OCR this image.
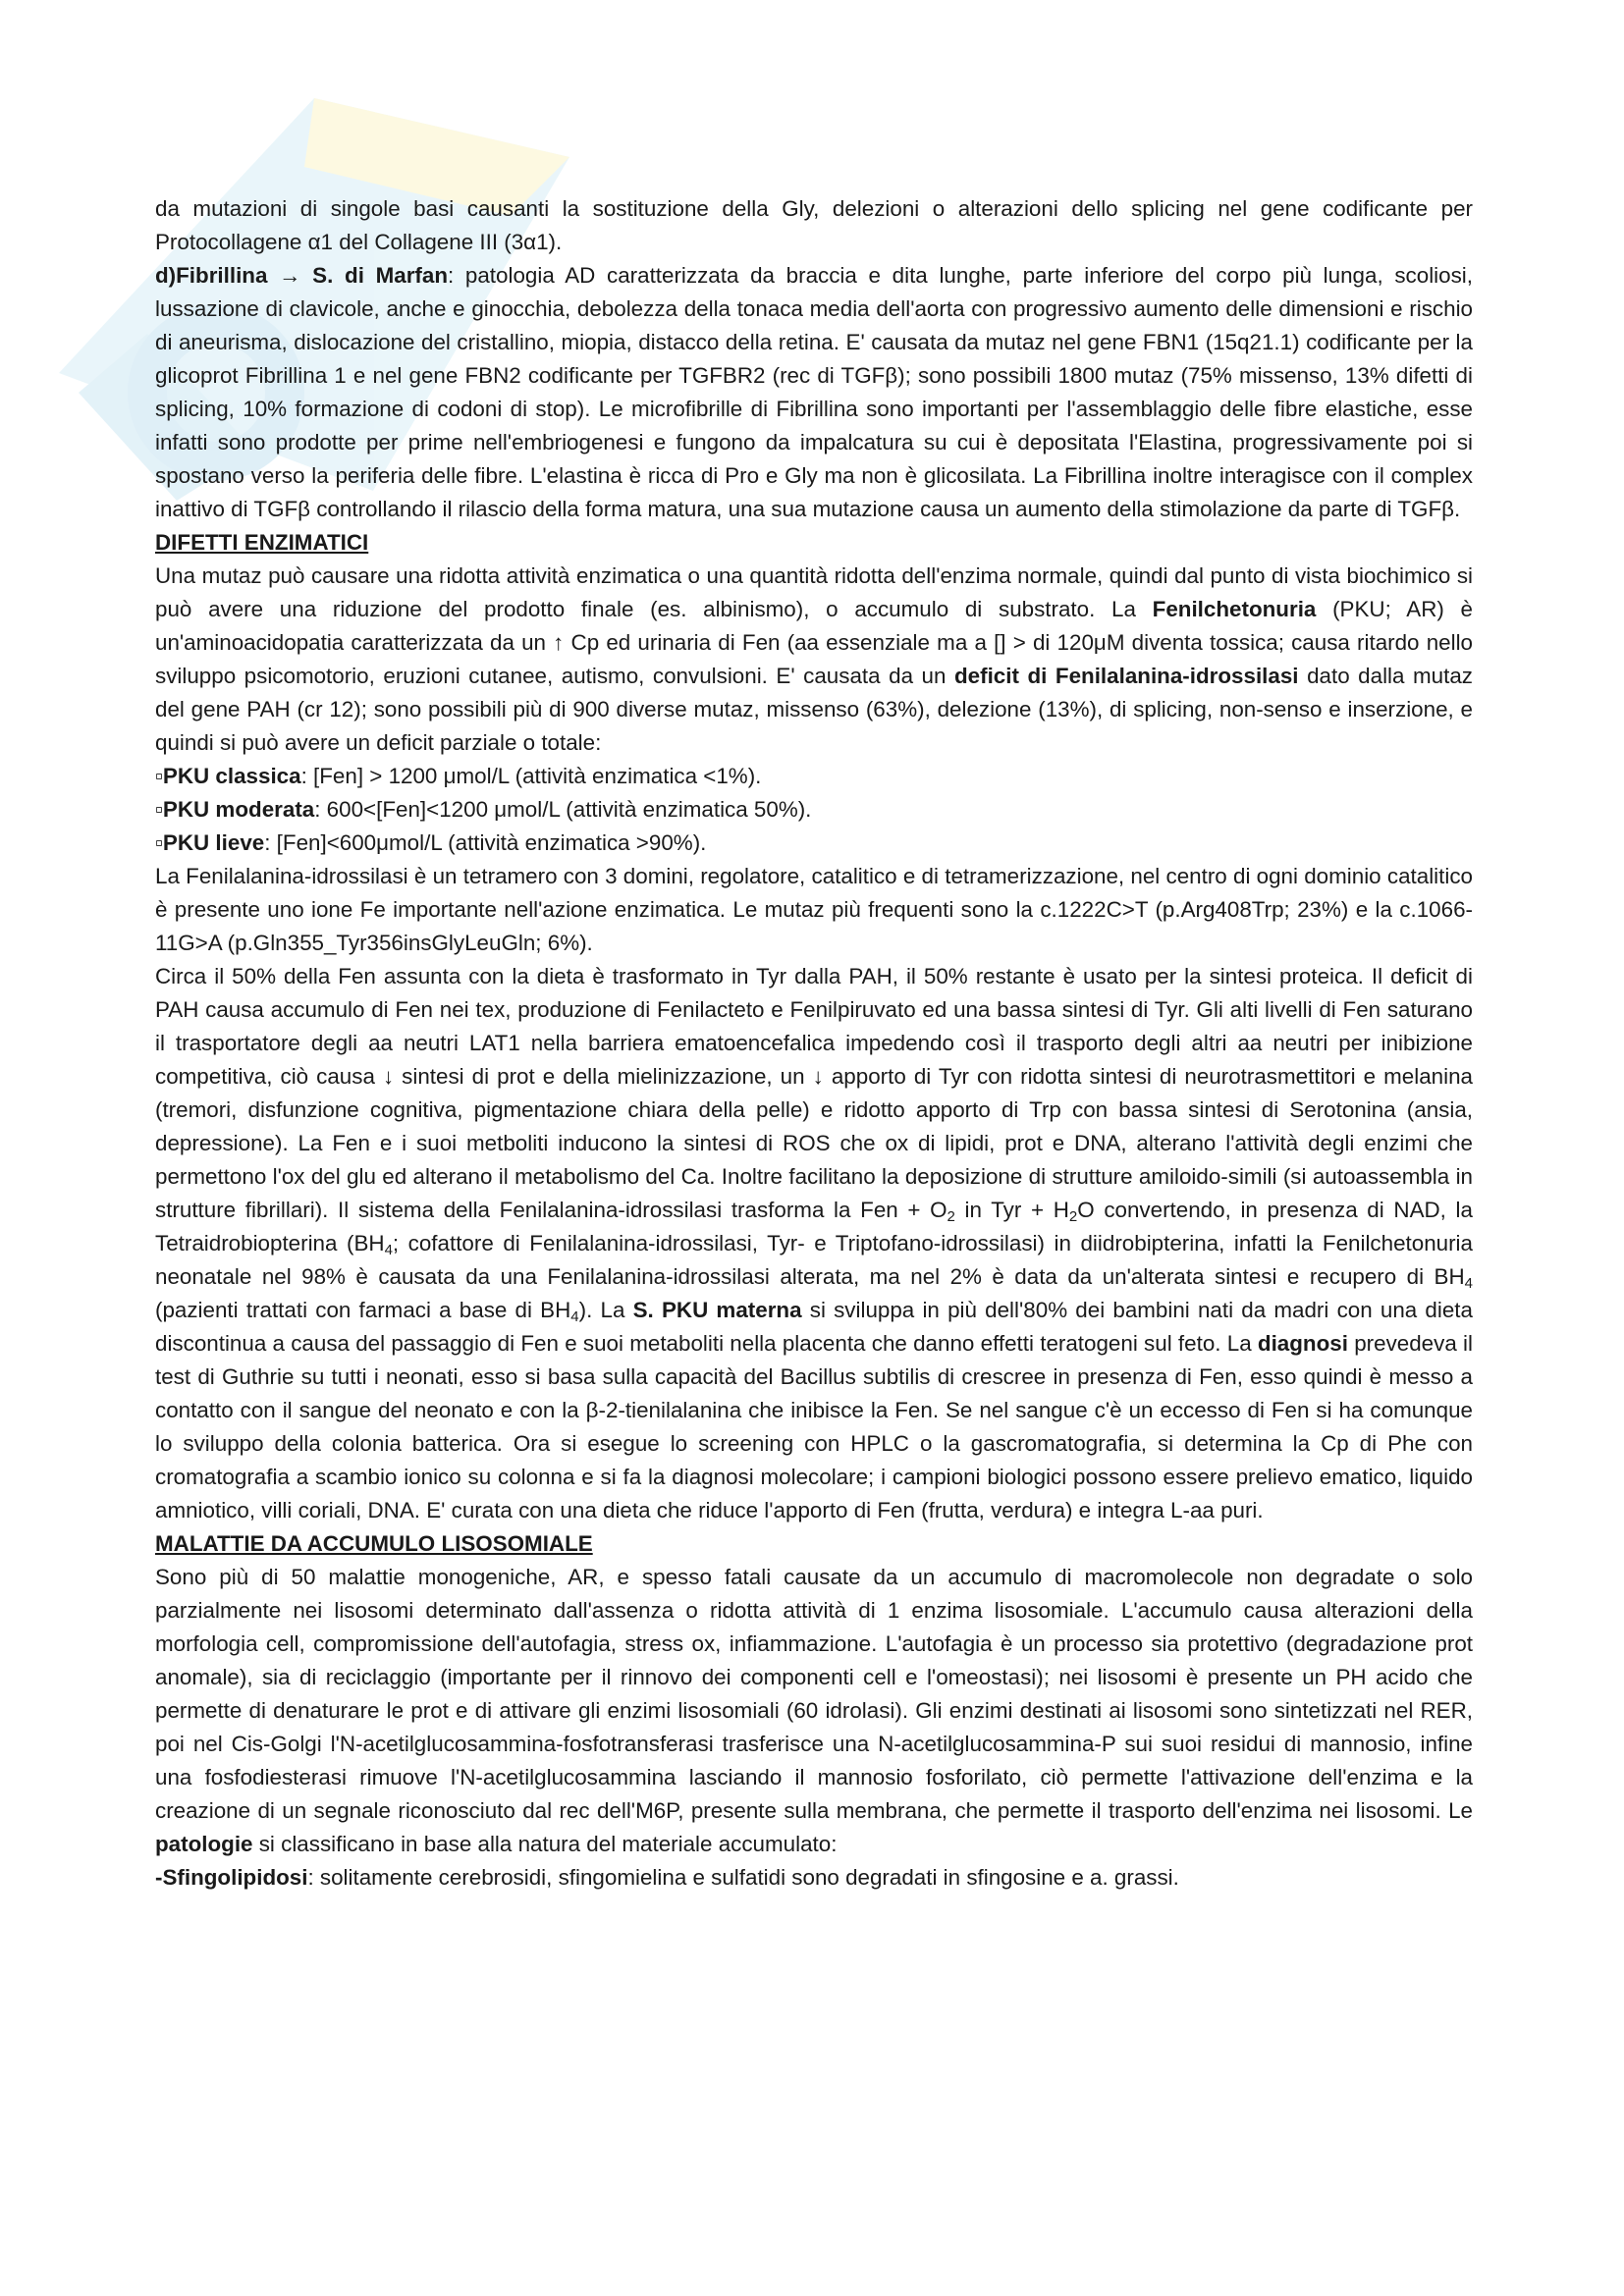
da mutazioni di singole basi causanti la sostituzione della Gly, delezioni o alterazioni dello splicing nel gene codificante per Protocollagene α1 del Collagene III (3α1).

d)Fibrillina → S. di Marfan: patologia AD caratterizzata da braccia e dita lunghe, parte inferiore del corpo più lunga, scoliosi, lussazione di clavicole, anche e ginocchia, debolezza della tonaca media dell'aorta con progressivo aumento delle dimensioni e rischio di aneurisma, dislocazione del cristallino, miopia, distacco della retina. E' causata da mutaz nel gene FBN1 (15q21.1) codificante per la glicoprot Fibrillina 1 e nel gene FBN2 codificante per TGFBR2 (rec di TGFβ); sono possibili 1800 mutaz (75% missenso, 13% difetti di splicing, 10% formazione di codoni di stop). Le microfibrille di Fibrillina sono importanti per l'assemblaggio delle fibre elastiche, esse infatti sono prodotte per prime nell'embriogenesi e fungono da impalcatura su cui è depositata l'Elastina, progressivamente poi si spostano verso la periferia delle fibre. L'elastina è ricca di Pro e Gly ma non è glicosilata. La Fibrillina inoltre interagisce con il complex inattivo di TGFβ controllando il rilascio della forma matura, una sua mutazione causa un aumento della stimolazione da parte di TGFβ.

DIFETTI ENZIMATICI

Una mutaz può causare una ridotta attività enzimatica o una quantità ridotta dell'enzima normale, quindi dal punto di vista biochimico si può avere una riduzione del prodotto finale (es. albinismo), o accumulo di substrato. La Fenilchetonuria (PKU; AR) è un'aminoacidopatia caratterizzata da un ↑ Cp ed urinaria di Fen (aa essenziale ma a [] > di 120μM diventa tossica; causa ritardo nello sviluppo psicomotorio, eruzioni cutanee, autismo, convulsioni. E' causata da un deficit di Fenilalanina-idrossilasi dato dalla mutaz del gene PAH (cr 12); sono possibili più di 900 diverse mutaz, missenso (63%), delezione (13%), di splicing, non-senso e inserzione, e quindi si può avere un deficit parziale o totale:

▫PKU classica: [Fen] > 1200 μmol/L (attività enzimatica <1%).

▫PKU moderata: 600<[Fen]<1200 μmol/L (attività enzimatica 50%).

▫PKU lieve: [Fen]<600μmol/L (attività enzimatica >90%).

La Fenilalanina-idrossilasi è un tetramero con 3 domini, regolatore, catalitico e di tetramerizzazione, nel centro di ogni dominio catalitico è presente uno ione Fe importante nell'azione enzimatica. Le mutaz più frequenti sono la c.1222C>T (p.Arg408Trp; 23%) e la c.1066-11G>A (p.Gln355_Tyr356insGlyLeuGln; 6%).

Circa il 50% della Fen assunta con la dieta è trasformato in Tyr dalla PAH, il 50% restante è usato per la sintesi proteica. Il deficit di PAH causa accumulo di Fen nei tex, produzione di Fenilacteto e Fenilpiruvato ed una bassa sintesi di Tyr. Gli alti livelli di Fen saturano il trasportatore degli aa neutri LAT1 nella barriera ematoencefalica impedendo così il trasporto degli altri aa neutri per inibizione competitiva, ciò causa ↓ sintesi di prot e della mielinizzazione, un ↓ apporto di Tyr con ridotta sintesi di neurotrasmettitori e melanina (tremori, disfunzione cognitiva, pigmentazione chiara della pelle) e ridotto apporto di Trp con bassa sintesi di Serotonina (ansia, depressione). La Fen e i suoi metboliti inducono la sintesi di ROS che ox di lipidi, prot e DNA, alterano l'attività degli enzimi che permettono l'ox del glu ed alterano il metabolismo del Ca. Inoltre facilitano la deposizione di strutture amiloido-simili (si autoassembla in strutture fibrillari). Il sistema della Fenilalanina-idrossilasi trasforma la Fen + $O_2$ in Tyr + $H_2O$ convertendo, in presenza di NAD, la Tetraidrobiopterina ($BH_4$; cofattore di Fenilalanina-idrossilasi, Tyr- e Triptofano-idrossilasi) in diidrobipterina, infatti la Fenilchetonuria neonatale nel 98% è causata da una Fenilalanina-idrossilasi alterata, ma nel 2% è data da un'alterata sintesi e recupero di $BH_4$ (pazienti trattati con farmaci a base di $BH_4$). La S. PKU materna si sviluppa in più dell'80% dei bambini nati da madri con una dieta discontinua a causa del passaggio di Fen e suoi metaboliti nella placenta che danno effetti teratogeni sul feto. La diagnosi prevedeva il test di Guthrie su tutti i neonati, esso si basa sulla capacità del Bacillus subtilis di crescree in presenza di Fen, esso quindi è messo a contatto con il sangue del neonato e con la β-2-tienilalanina che inibisce la Fen. Se nel sangue c'è un eccesso di Fen si ha comunque lo sviluppo della colonia batterica. Ora si esegue lo screening con HPLC o la gascromatografia, si determina la Cp di Phe con cromatografia a scambio ionico su colonna e si fa la diagnosi molecolare; i campioni biologici possono essere prelievo ematico, liquido amniotico, villi coriali, DNA. E' curata con una dieta che riduce l'apporto di Fen (frutta, verdura) e integra L-aa puri.

MALATTIE DA ACCUMULO LISOSOMIALE

Sono più di 50 malattie monogeniche, AR, e spesso fatali causate da un accumulo di macromolecole non degradate o solo parzialmente nei lisosomi determinato dall'assenza o ridotta attività di 1 enzima lisosomiale. L'accumulo causa alterazioni della morfologia cell, compromissione dell'autofagia, stress ox, infiammazione. L'autofagia è un processo sia protettivo (degradazione prot anomale), sia di reciclaggio (importante per il rinnovo dei componenti cell e l'omeostasi); nei lisosomi è presente un PH acido che permette di denaturare le prot e di attivare gli enzimi lisosomiali (60 idrolasi). Gli enzimi destinati ai lisosomi sono sintetizzati nel RER, poi nel Cis-Golgi l'N-acetilglucosammina-fosfotransferasi trasferisce una N-acetilglucosammina-P sui suoi residui di mannosio, infine una fosfodiesterasi rimuove l'N-acetilglucosammina lasciando il mannosio fosforilato, ciò permette l'attivazione dell'enzima e la creazione di un segnale riconosciuto dal rec dell'M6P, presente sulla membrana, che permette il trasporto dell'enzima nei lisosomi. Le patologie si classificano in base alla natura del materiale accumulato:

-Sfingolipidosi: solitamente cerebrosidi, sfingomielina e sulfatidi sono degradati in sfingosine e a. grassi.
